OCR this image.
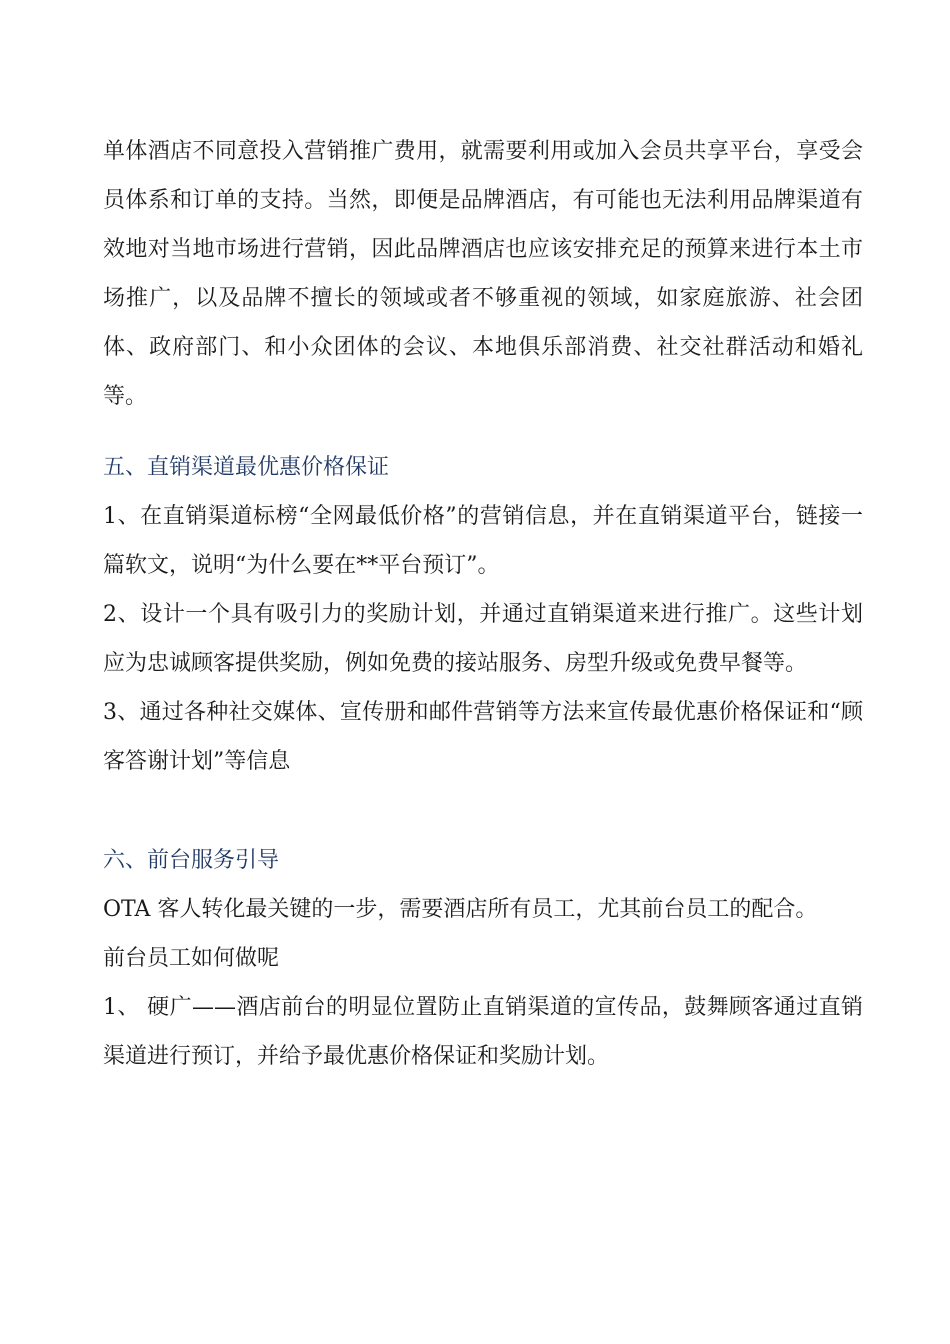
单体酒店不同意投入营销推广费用，就需要利用或加入会员共享平台，享受会员体系和订单的支持。当然，即便是品牌酒店，有可能也无法利用品牌渠道有效地对当地市场进行营销，因此品牌酒店也应该安排充足的预算来进行本土市场推广，以及品牌不擅长的领域或者不够重视的领域，如家庭旅游、社会团体、政府部门、和小众团体的会议、本地俱乐部消费、社交社群活动和婚礼等。

五、直销渠道最优惠价格保证

1、在直销渠道标榜“全网最低价格”的营销信息，并在直销渠道平台，链接一篇软文，说明“为什么要在**平台预订”。

2、设计一个具有吸引力的奖励计划，并通过直销渠道来进行推广。这些计划应为忠诚顾客提供奖励，例如免费的接站服务、房型升级或免费早餐等。

3、通过各种社交媒体、宣传册和邮件营销等方法来宣传最优惠价格保证和“顾客答谢计划”等信息

六、前台服务引导

OTA 客人转化最关键的一步，需要酒店所有员工，尤其前台员工的配合。

前台员工如何做呢

1、 硬广——酒店前台的明显位置防止直销渠道的宣传品，鼓舞顾客通过直销渠道进行预订，并给予最优惠价格保证和奖励计划。
